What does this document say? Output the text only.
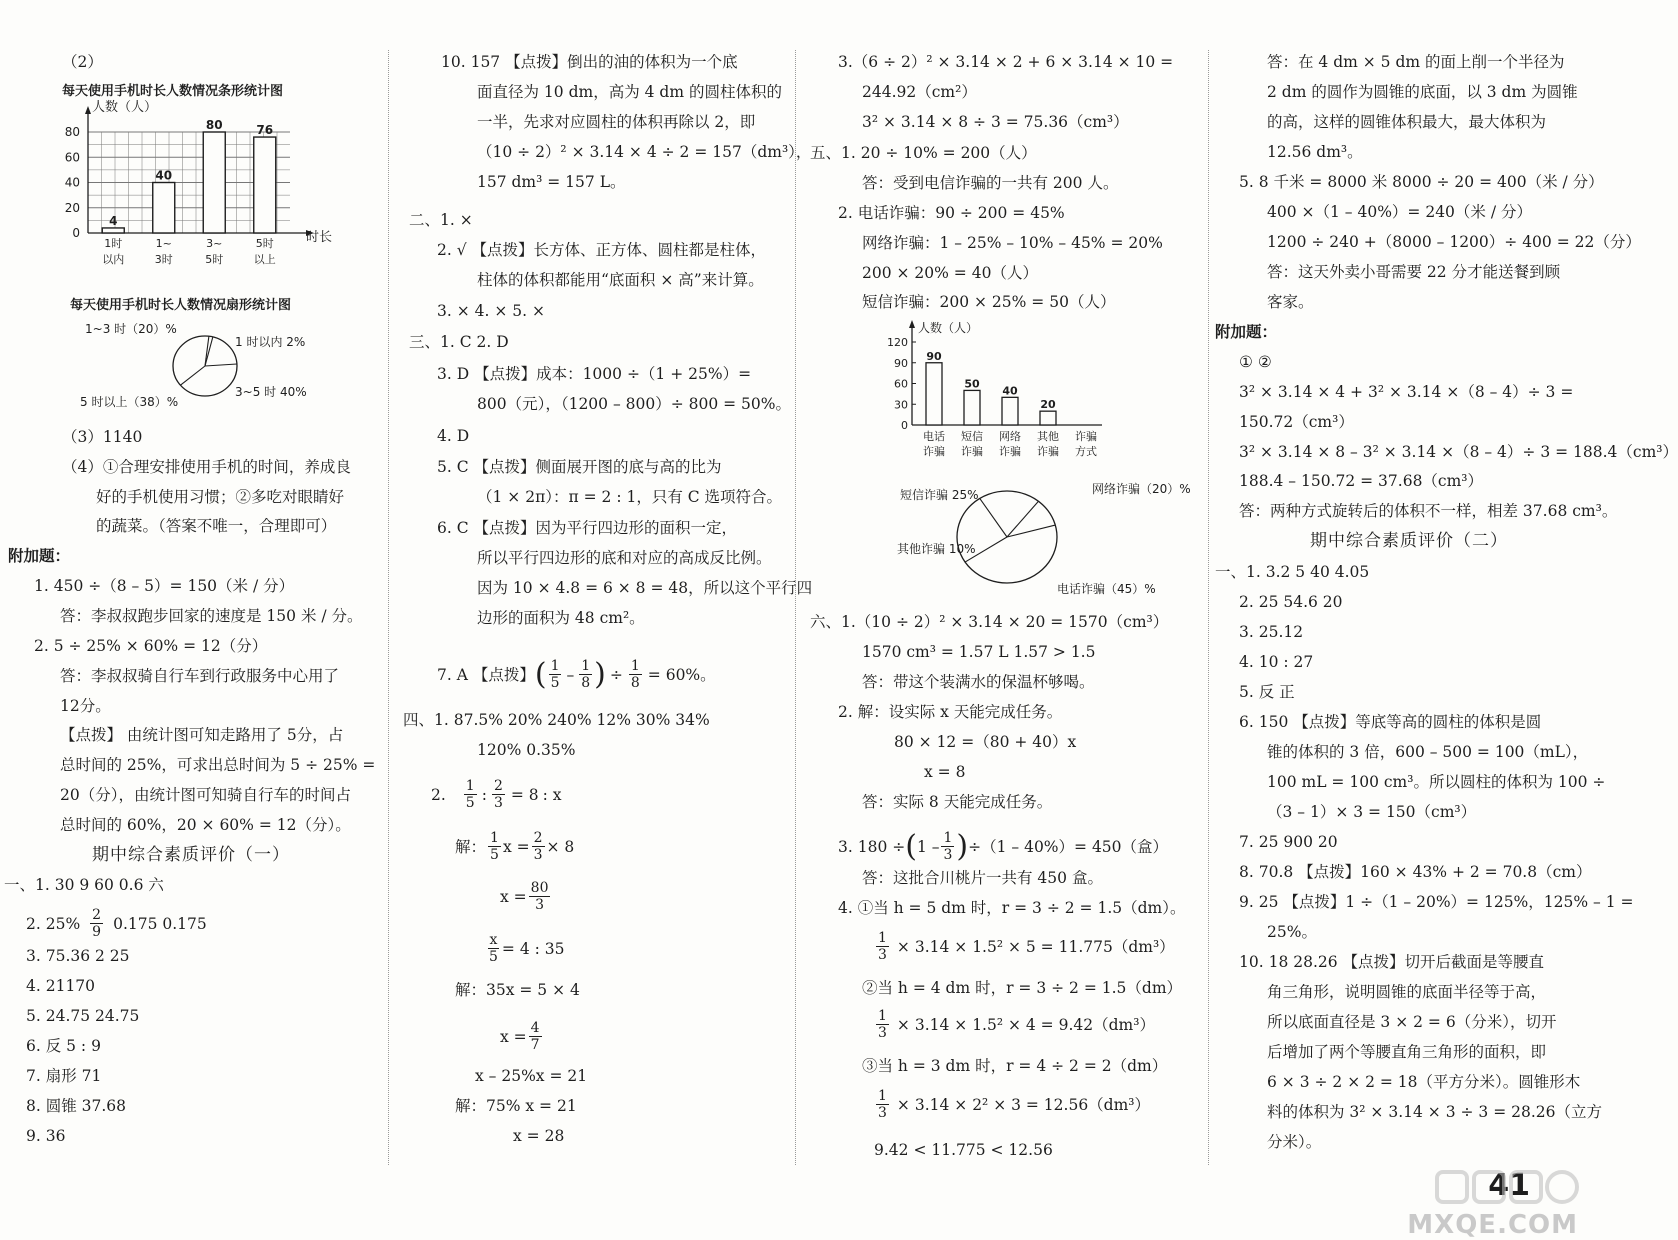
（2）
每天使用手机时长人数情况条形统计图
4
1时
以内
40
1~
3时
80
3~
5时
76
5时
以上
0
20
40
60
80
人数（人）
时长
每天使用手机时长人数情况扇形统计图
1~3 时（20）%
1 时以内 2%
3~5 时 40%
5 时以上（38）%
（3）1140
（4）①合理安排使用手机的时间，养成良
好的手机使用习惯；②多吃对眼睛好
的蔬菜。（答案不唯一，合理即可）
附加题：
1. 450 ÷（8 – 5）= 150（米 / 分）
答：李叔叔跑步回家的速度是 150 米 / 分。
2. 5 ÷ 25% × 60% = 12（分）
答：李叔叔骑自行车到行政服务中心用了
12分。
【点拨】 由统计图可知走路用了 5分，占
总时间的 25%，可求出总时间为 5 ÷ 25% =
20（分），由统计图可知骑自行车的时间占
总时间的 60%，20 × 60% = 12（分）。
期中综合素质评价（一）
一、1. 30 9 60 0.6 六
2. $25\% \frac{2}{9} 0.175$ 0.175
3. 75.36 2 25
4. 21170
5. 24.75 24.75
6. 反 5 : 9
7. 扇形 71
8. 圆锥 37.68
9. 36
10. 157 【点拨】倒出的油的体积为一个底
面直径为 10 dm，高为 4 dm 的圆柱体积的
一半，先求对应圆柱的体积再除以 2，即
（10 ÷ 2）² × 3.14 × 4 ÷ 2 = 157（dm³），
157 dm³ = 157 L。
二、1. ×
2. √ 【点拨】长方体、正方体、圆柱都是柱体，
柱体的体积都能用“底面积 × 高”来计算。
3. × 4. × 5. ×
三、1. C 2. D
3. D 【点拨】成本：1000 ÷（1 + 25%）=
800（元），（1200 – 800）÷ 800 = 50%。
4. D
5. C 【点拨】侧面展开图的底与高的比为
（1 × 2π）：π = 2 : 1，只有 C 选项符合。
6. C 【点拨】因为平行四边形的面积一定，
所以平行四边形的底和对应的高成反比例。
因为 10 × 4.8 = 6 × 8 = 48，所以这个平行四
边形的面积为 48 cm²。
7. A 【点拨】 ( $\frac{1}{5} - \frac{1}{8}$ ) ÷ $\frac{1}{8} = 60\%$。
四、1. 87.5% 20% 240% 12% 30% 34%
120% 0.35%
2. $\frac{1}{5}$ : $\frac{2}{3} = 8$ : x
解： $\frac{1}{5}$ $x = \frac{2}{3} \times 8$
$x = \frac{80}{3}$
$\frac{x}{5} = 4$ : 35
解：35x = 5 × 4
$x = \frac{4}{7}$
x – 25%x = 21
解：75% x = 21
x = 28
3.（6 ÷ 2）² × 3.14 × 2 + 6 × 3.14 × 10 =
244.92（cm²）
3² × 3.14 × 8 ÷ 3 = 75.36（cm³）
五、1. 20 ÷ 10% = 200（人）
答：受到电信诈骗的一共有 200 人。
2. 电话诈骗：90 ÷ 200 = 45%
网络诈骗：1 – 25% – 10% – 45% = 20%
200 × 20% = 40（人）
短信诈骗：200 × 25% = 50（人）
90
50
40
20
0
30
60
90
120
电话
诈骗
短信
诈骗
网络
诈骗
其他
诈骗
诈骗
方式
人数（人）
短信诈骗 25%	网络诈骗（20）%
其他诈骗 10%
电话诈骗（45）%
六、1.（10 ÷ 2）² × 3.14 × 20 = 1570（cm³）
1570 cm³ = 1.57 L 1.57 > 1.5
答：带这个装满水的保温杯够喝。
2. 解：设实际 x 天能完成任务。
80 × 12 =（80 + 40）x
x = 8
答：实际 8 天能完成任务。
3. 180 ÷ ( $1 - \frac{1}{3}$ ) ÷（1 – 40%）= 450（盒）
答：这批合川桃片一共有 450 盒。
4. ①当 h = 5 dm 时，r = 3 ÷ 2 = 1.5（dm）。
$\frac{1}{3} \times 3.14 \times 1.5^2 \times 5 = 11.775(dm^3)$
②当 h = 4 dm 时，r = 3 ÷ 2 = 1.5（dm）
$\frac{1}{3} \times 3.14 \times 1.5^2 \times 4 = 9.42(dm^3)$
③当 h = 3 dm 时，r = 4 ÷ 2 = 2（dm）
$\frac{1}{3} \times 3.14 \times 2^2 \times 3 = 12.56(dm^3)$
9.42 < 11.775 < 12.56
答：在 4 dm × 5 dm 的面上削一个半径为
2 dm 的圆作为圆锥的底面，以 3 dm 为圆锥
的高，这样的圆锥体积最大，最大体积为
12.56 dm³。
5. 8 千米 = 8000 米 8000 ÷ 20 = 400（米 / 分）
400 ×（1 – 40%）= 240（米 / 分）
1200 ÷ 240 +（8000 – 1200）÷ 400 = 22（分）
答：这天外卖小哥需要 22 分才能送餐到顾
客家。
附加题：
① ②
3² × 3.14 × 4 + 3² × 3.14 ×（8 – 4）÷ 3 =
150.72（cm³）
3² × 3.14 × 8 – 3² × 3.14 ×（8 – 4）÷ 3 = 188.4（cm³）
188.4 – 150.72 = 37.68（cm³）
答：两种方式旋转后的体积不一样，相差 37.68 cm³。
期中综合素质评价（二）
一、1. 3.2 5 40 4.05
2. 25 54.6 20
3. 25.12
4. 10 : 27
5. 反 正
6. 150 【点拨】等底等高的圆柱的体积是圆
锥的体积的 3 倍，600 – 500 = 100（mL），
100 mL = 100 cm³。所以圆柱的体积为 100 ÷
（3 – 1）× 3 = 150（cm³）
7. 25 900 20
8. 70.8 【点拨】160 × 43% + 2 = 70.8（cm）
9. 25 【点拨】1 ÷（1 – 20%）= 125%，125% – 1 =
25%。
10. 18 28.26 【点拨】切开后截面是等腰直
角三角形，说明圆锥的底面半径等于高，
所以底面直径是 3 × 2 = 6（分米），切开
后增加了两个等腰直角三角形的面积，即
6 × 3 ÷ 2 × 2 = 18（平方分米）。圆锥形木
料的体积为 3² × 3.14 × 3 ÷ 3 = 28.26（立方
分米）。
41
MXQE.COM
